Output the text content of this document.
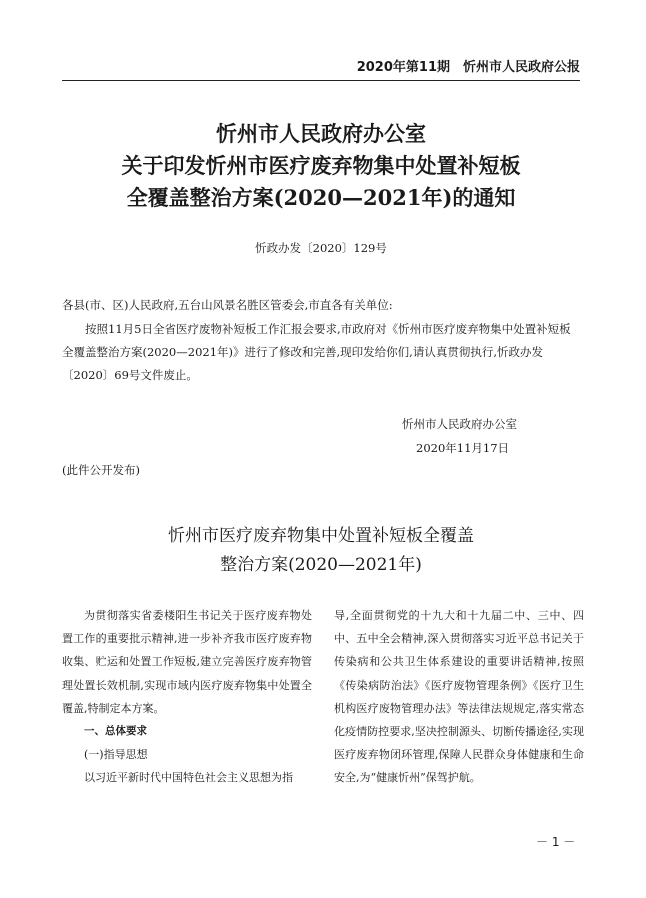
2020年第11期　忻州市人民政府公报
忻州市人民政府办公室
关于印发忻州市医疗废弃物集中处置补短板
全覆盖整治方案(2020—2021年)的通知
忻政办发〔2020〕129号

各县(市、区)人民政府,五台山风景名胜区管委会,市直各有关单位:

按照11月5日全省医疗废物补短板工作汇报会要求,市政府对《忻州市医疗废弃物集中处置补短板全覆盖整治方案(2020—2021年)》进行了修改和完善,现印发给你们,请认真贯彻执行,忻政办发〔2020〕69号文件废止。

忻州市人民政府办公室
2020年11月17日
(此件公开发布)
忻州市医疗废弃物集中处置补短板全覆盖
整治方案(2020—2021年)

为贯彻落实省委楼阳生书记关于医疗废弃物处置工作的重要批示精神,进一步补齐我市医疗废弃物收集、贮运和处置工作短板,建立完善医疗废弃物管理处置长效机制,实现市域内医疗废弃物集中处置全覆盖,特制定本方案。

一、总体要求

(一)指导思想

以习近平新时代中国特色社会主义思想为指

导,全面贯彻党的十九大和十九届二中、三中、四中、五中全会精神,深入贯彻落实习近平总书记关于传染病和公共卫生体系建设的重要讲话精神,按照《传染病防治法》《医疗废物管理条例》《医疗卫生机构医疗废物管理办法》等法律法规规定,落实常态化疫情防控要求,坚决控制源头、切断传播途径,实现医疗废弃物闭环管理,保障人民群众身体健康和生命安全,为“健康忻州”保驾护航。

－ 1 －
